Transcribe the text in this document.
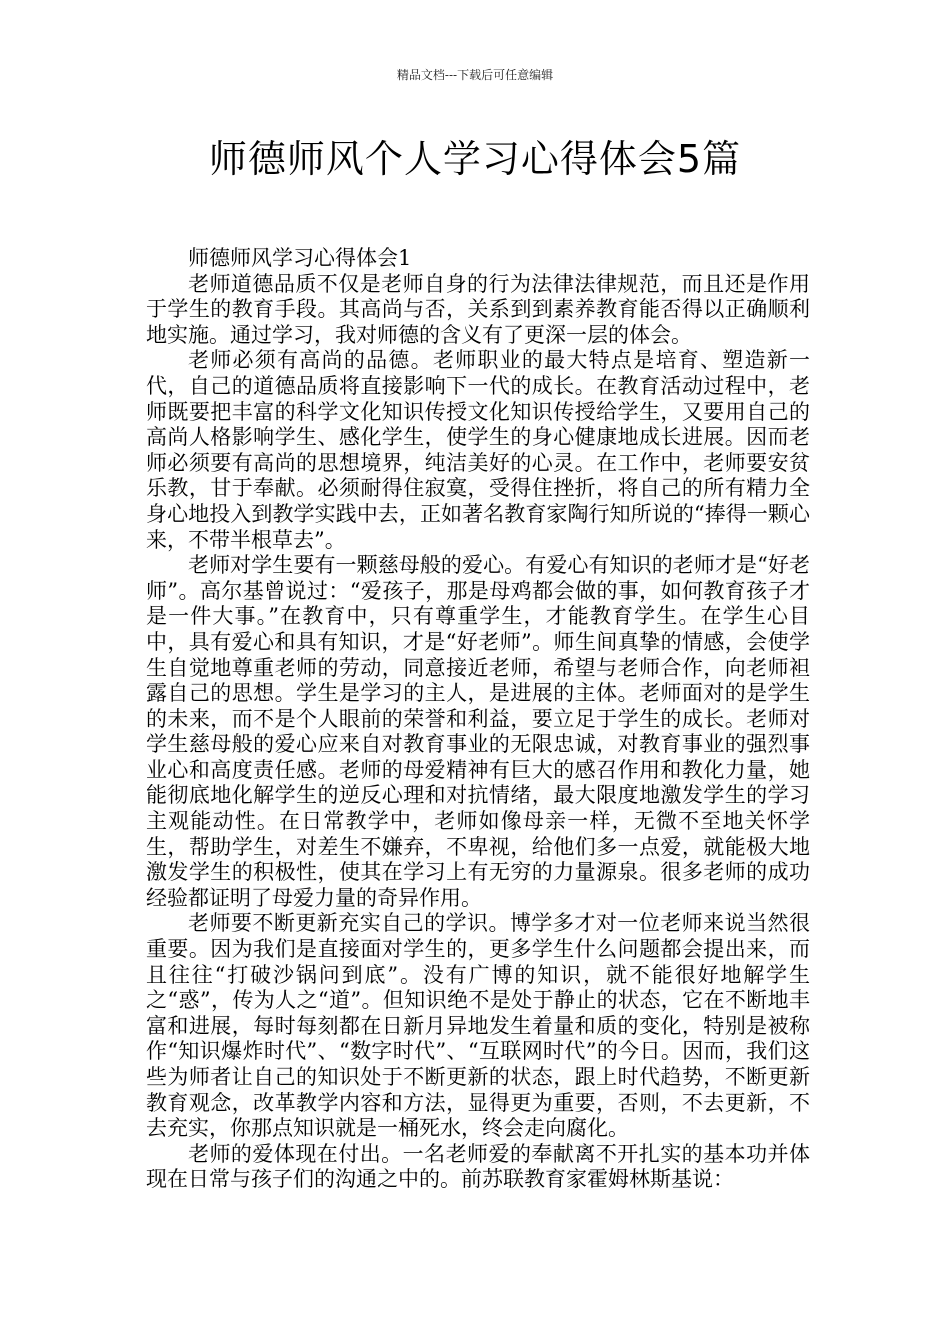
精品文档---下载后可任意编辑
师德师风个人学习心得体会5篇

师德师风学习心得体会1

老师道德品质不仅是老师自身的行为法律法律规范，而且还是作用于学生的教育手段。其高尚与否，关系到到素养教育能否得以正确顺利地实施。通过学习，我对师德的含义有了更深一层的体会。

老师必须有高尚的品德。老师职业的最大特点是培育、塑造新一代，自己的道德品质将直接影响下一代的成长。在教育活动过程中，老师既要把丰富的科学文化知识传授文化知识传授给学生，又要用自己的高尚人格影响学生、感化学生，使学生的身心健康地成长进展。因而老师必须要有高尚的思想境界，纯洁美好的心灵。在工作中，老师要安贫乐教，甘于奉献。必须耐得住寂寞，受得住挫折，将自己的所有精力全身心地投入到教学实践中去，正如著名教育家陶行知所说的“捧得一颗心来，不带半根草去”。

老师对学生要有一颗慈母般的爱心。有爱心有知识的老师才是“好老师”。高尔基曾说过：“爱孩子，那是母鸡都会做的事，如何教育孩子才是一件大事。”在教育中，只有尊重学生，才能教育学生。在学生心目中，具有爱心和具有知识，才是“好老师”。师生间真挚的情感，会使学生自觉地尊重老师的劳动，同意接近老师，希望与老师合作，向老师袒露自己的思想。学生是学习的主人，是进展的主体。老师面对的是学生的未来，而不是个人眼前的荣誉和利益，要立足于学生的成长。老师对学生慈母般的爱心应来自对教育事业的无限忠诚，对教育事业的强烈事业心和高度责任感。老师的母爱精神有巨大的感召作用和教化力量，她能彻底地化解学生的逆反心理和对抗情绪，最大限度地激发学生的学习主观能动性。在日常教学中，老师如像母亲一样，无微不至地关怀学生，帮助学生，对差生不嫌弃，不卑视，给他们多一点爱，就能极大地激发学生的积极性，使其在学习上有无穷的力量源泉。很多老师的成功经验都证明了母爱力量的奇异作用。

老师要不断更新充实自己的学识。博学多才对一位老师来说当然很重要。因为我们是直接面对学生的，更多学生什么问题都会提出来，而且往往“打破沙锅问到底”。没有广博的知识，就不能很好地解学生之“惑”，传为人之“道”。但知识绝不是处于静止的状态，它在不断地丰富和进展，每时每刻都在日新月异地发生着量和质的变化，特别是被称作“知识爆炸时代”、“数字时代”、“互联网时代”的今日。因而，我们这些为师者让自己的知识处于不断更新的状态，跟上时代趋势，不断更新教育观念，改革教学内容和方法，显得更为重要，否则，不去更新，不去充实，你那点知识就是一桶死水，终会走向腐化。

老师的爱体现在付出。一名老师爱的奉献离不开扎实的基本功并体现在日常与孩子们的沟通之中的。前苏联教育家霍姆林斯基说：
